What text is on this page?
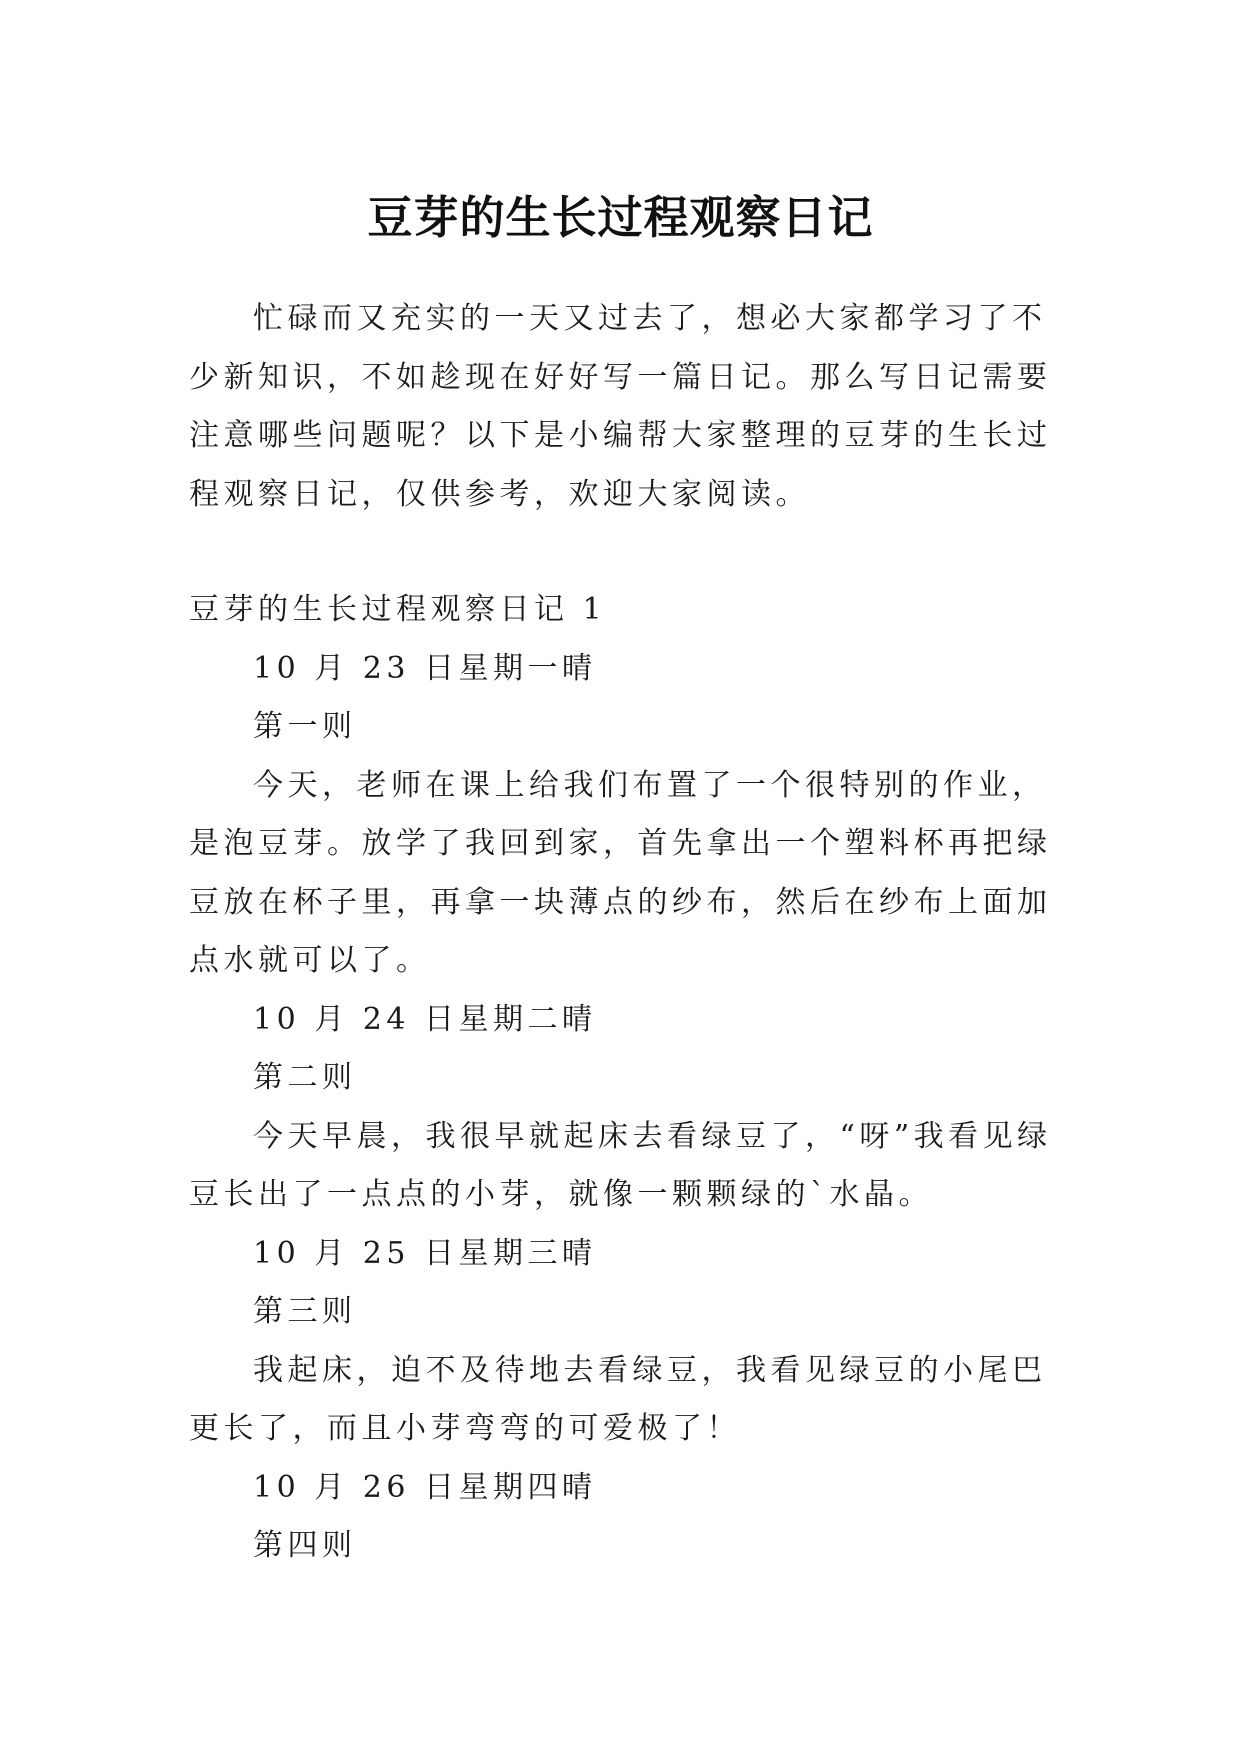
豆芽的生长过程观察日记

忙碌而又充实的一天又过去了，想必大家都学习了不少新知识，不如趁现在好好写一篇日记。那么写日记需要注意哪些问题呢？以下是小编帮大家整理的豆芽的生长过程观察日记，仅供参考，欢迎大家阅读。

豆芽的生长过程观察日记 1

10 月 23 日星期一晴

第一则

今天，老师在课上给我们布置了一个很特别的作业，是泡豆芽。放学了我回到家，首先拿出一个塑料杯再把绿豆放在杯子里，再拿一块薄点的纱布，然后在纱布上面加点水就可以了。

10 月 24 日星期二晴

第二则

今天早晨，我很早就起床去看绿豆了，“呀”我看见绿豆长出了一点点的小芽，就像一颗颗绿的`水晶。

10 月 25 日星期三晴

第三则

我起床，迫不及待地去看绿豆，我看见绿豆的小尾巴更长了，而且小芽弯弯的可爱极了！

10 月 26 日星期四晴

第四则
